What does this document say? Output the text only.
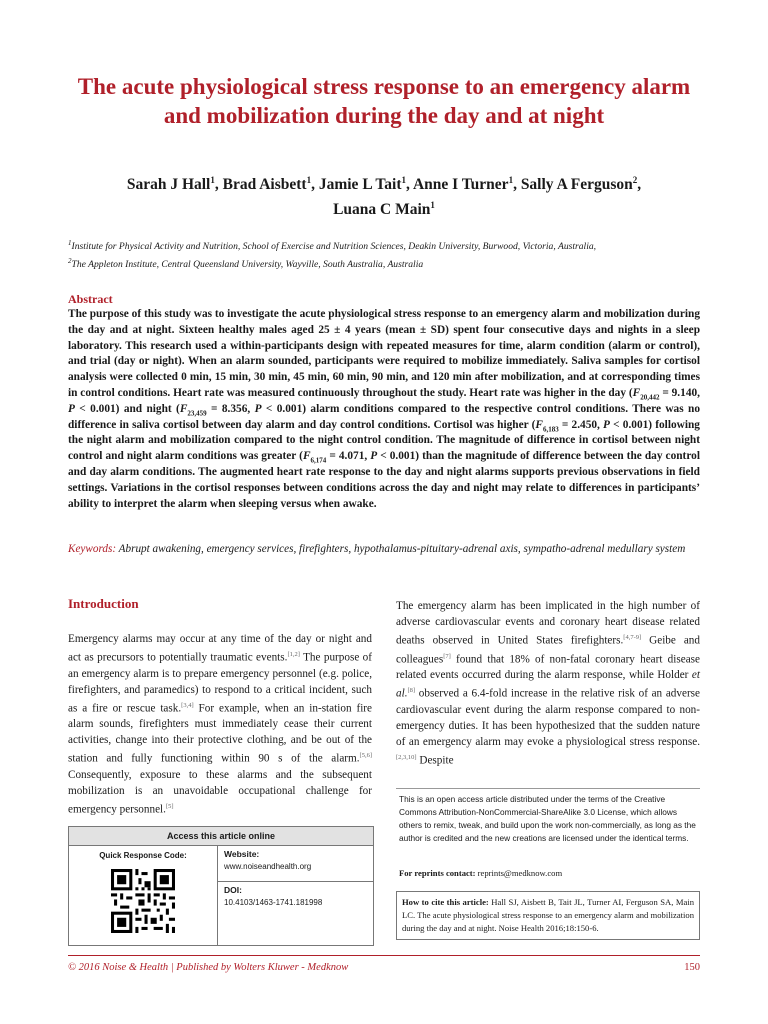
The acute physiological stress response to an emergency alarm and mobilization during the day and at night

Sarah J Hall$^1$, Brad Aisbett$^1$, Jamie L Tait$^1$, Anne I Turner$^1$, Sally A Ferguson$^2$,
Luana C Main$^1$

$^1$Institute for Physical Activity and Nutrition, School of Exercise and Nutrition Sciences, Deakin University, Burwood, Victoria, Australia,
$^2$The Appleton Institute, Central Queensland University, Wayville, South Australia, Australia
Abstract

The purpose of this study was to investigate the acute physiological stress response to an emergency alarm and mobilization during the day and at night. Sixteen healthy males aged 25 ± 4 years (mean ± SD) spent four consecutive days and nights in a sleep laboratory. This research used a within-participants design with repeated measures for time, alarm condition (alarm or control), and trial (day or night). When an alarm sounded, participants were required to mobilize immediately. Saliva samples for cortisol analysis were collected 0 min, 15 min, 30 min, 45 min, 60 min, 90 min, and 120 min after mobilization, and at corresponding times in control conditions. Heart rate was measured continuously throughout the study. Heart rate was higher in the day ($F_{20,442} = 9.140$, P < 0.001) and night ($F_{23,459} = 8.356$, P < 0.001) alarm conditions compared to the respective control conditions. There was no difference in saliva cortisol between day alarm and day control conditions. Cortisol was higher ($F_{6,183} = 2.450$, P < 0.001) following the night alarm and mobilization compared to the night control condition. The magnitude of difference in cortisol between night control and night alarm conditions was greater ($F_{6,174} = 4.071$, P < 0.001) than the magnitude of difference between the day control and day alarm conditions. The augmented heart rate response to the day and night alarms supports previous observations in field settings. Variations in the cortisol responses between conditions across the day and night may relate to differences in participants’ ability to interpret the alarm when sleeping versus when awake.

Keywords: Abrupt awakening, emergency services, firefighters, hypothalamus-pituitary-adrenal axis, sympatho-adrenal medullary system
Introduction

Emergency alarms may occur at any time of the day or night and act as precursors to potentially traumatic events.[1,2] The purpose of an emergency alarm is to prepare emergency personnel (e.g. police, firefighters, and paramedics) to respond to a critical incident, such as a fire or rescue task.[3,4] For example, when an in-station fire alarm sounds, firefighters must immediately cease their current activities, change into their protective clothing, and be out of the station and fully functioning within 90 s of the alarm.[5,6] Consequently, exposure to these alarms and the subsequent mobilization is an unavoidable occupational challenge for emergency personnel.[5]

The emergency alarm has been implicated in the high number of adverse cardiovascular events and coronary heart disease related deaths observed in United States firefighters.[4,7-9] Geibe and colleagues[7] found that 18% of non-fatal coronary heart disease related events occurred during the alarm response, while Holder et al.[8] observed a 6.4-fold increase in the relative risk of an adverse cardiovascular event during the alarm response compared to non-emergency duties. It has been hypothesized that the sudden nature of an emergency alarm may evoke a physiological stress response.[2,3,10] Despite

Access this article online
Quick Response Code:	Website:
www.noiseandhealth.org
DOI:
10.4103/1463-1741.181998

This is an open access article distributed under the terms of the Creative Commons Attribution-NonCommercial-ShareAlike 3.0 License, which allows others to remix, tweak, and build upon the work non-commercially, as long as the author is credited and the new creations are licensed under the identical terms.

For reprints contact: reprints@medknow.com
How to cite this article: Hall SJ, Aisbett B, Tait JL, Turner AI, Ferguson SA, Main LC. The acute physiological stress response to an emergency alarm and mobilization during the day and at night. Noise Health 2016;18:150-6.
© 2016 Noise & Health | Published by Wolters Kluwer - Medknow	150
